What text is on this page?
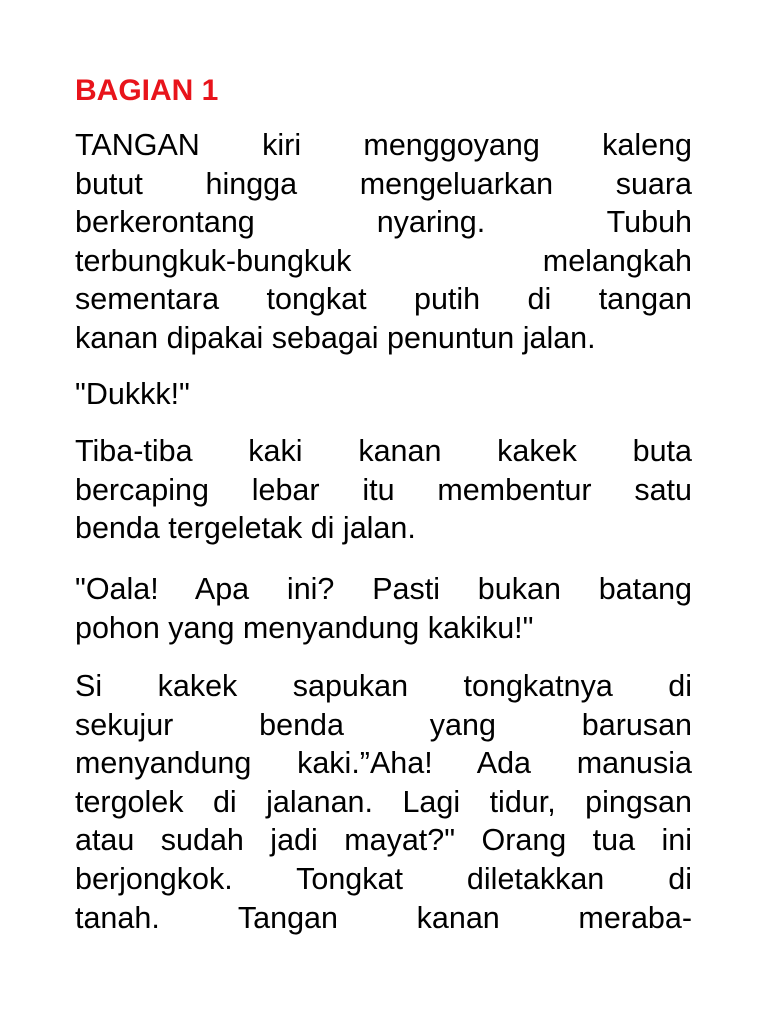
BAGIAN 1
TANGAN kiri menggoyang kaleng
butut hingga mengeluarkan suara
berkerontang nyaring. Tubuh
terbungkuk-bungkuk melangkah
sementara tongkat putih di tangan
kanan dipakai sebagai penuntun jalan.
"Dukkk!"
Tiba-tiba kaki kanan kakek buta
bercaping lebar itu membentur satu
benda tergeletak di jalan.
"Oala! Apa ini? Pasti bukan batang
pohon yang menyandung kakiku!"
Si kakek sapukan tongkatnya di
sekujur benda yang barusan
menyandung kaki.”Aha! Ada manusia
tergolek di jalanan. Lagi tidur, pingsan
atau sudah jadi mayat?" Orang tua ini
berjongkok. Tongkat diletakkan di
tanah. Tangan kanan meraba-
